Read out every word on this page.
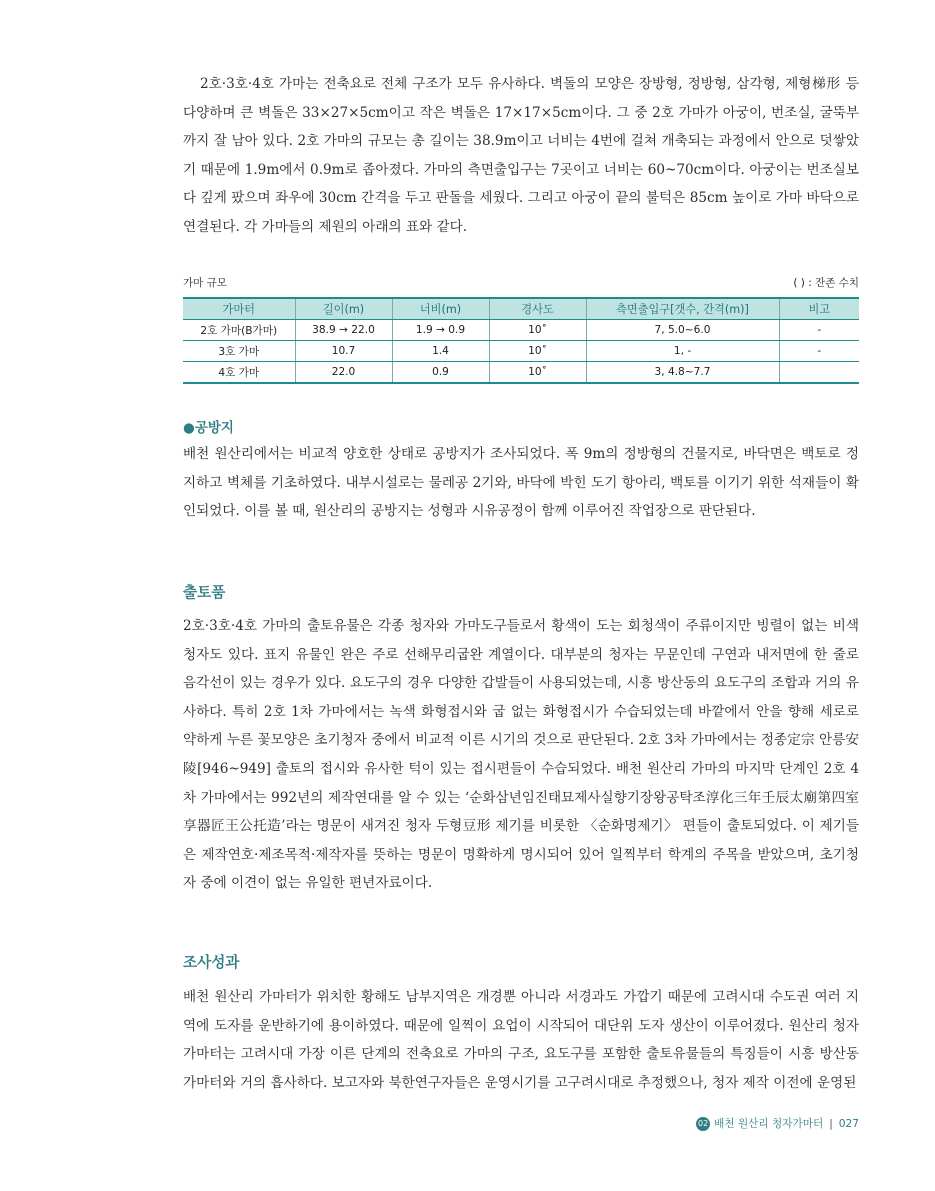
2호·3호·4호 가마는 전축요로 전체 구조가 모두 유사하다. 벽돌의 모양은 장방형, 정방형, 삼각형, 제형梯形 등 다양하며 큰 벽돌은 33×27×5cm이고 작은 벽돌은 17×17×5cm이다. 그 중 2호 가마가 아궁이, 번조실, 굴뚝부까지 잘 남아 있다. 2호 가마의 규모는 총 길이는 38.9m이고 너비는 4번에 걸쳐 개축되는 과정에서 안으로 덧쌓았기 때문에 1.9m에서 0.9m로 좁아졌다. 가마의 측면출입구는 7곳이고 너비는 60~70cm이다. 아궁이는 번조실보다 깊게 팠으며 좌우에 30cm 간격을 두고 판돌을 세웠다. 그리고 아궁이 끝의 불턱은 85cm 높이로 가마 바닥으로 연결된다. 각 가마들의 제원의 아래의 표와 같다.

가마 규모	( ) : 잔존 수치
가마터	길이(m)	너비(m)	경사도	측면출입구[갯수, 간격(m)]	비고
2호 가마(B가마)	38.9 → 22.0	1.9 → 0.9	10˚	7, 5.0~6.0	-
3호 가마	10.7	1.4	10˚	1, -	-
4호 가마	22.0	0.9	10˚	3, 4.8~7.7	
●공방지

배천 원산리에서는 비교적 양호한 상태로 공방지가 조사되었다. 폭 9m의 정방형의 건물지로, 바닥면은 백토로 정지하고 벽체를 기초하였다. 내부시설로는 물레공 2기와, 바닥에 박힌 도기 항아리, 백토를 이기기 위한 석재들이 확인되었다. 이를 볼 때, 원산리의 공방지는 성형과 시유공정이 함께 이루어진 작업장으로 판단된다.

출토품

2호·3호·4호 가마의 출토유물은 각종 청자와 가마도구들로서 황색이 도는 회청색이 주류이지만 빙렬이 없는 비색청자도 있다. 표지 유물인 완은 주로 선해무리굽완 계열이다. 대부분의 청자는 무문인데 구연과 내저면에 한 줄로 음각선이 있는 경우가 있다. 요도구의 경우 다양한 갑발들이 사용되었는데, 시흥 방산동의 요도구의 조합과 거의 유사하다. 특히 2호 1차 가마에서는 녹색 화형접시와 굽 없는 화형접시가 수습되었는데 바깥에서 안을 향해 세로로 약하게 누른 꽃모양은 초기청자 중에서 비교적 이른 시기의 것으로 판단된다. 2호 3차 가마에서는 정종定宗 안릉安陵[946~949] 출토의 접시와 유사한 턱이 있는 접시편들이 수습되었다. 배천 원산리 가마의 마지막 단계인 2호 4차 가마에서는 992년의 제작연대를 알 수 있는 ‘순화삼년임진태묘제사실향기장왕공탁조淳化三年壬辰太廟第四室享器匠王公托造’라는 명문이 새겨진 청자 두형豆形 제기를 비롯한 〈순화명제기〉 편들이 출토되었다. 이 제기들은 제작연호·제조목적·제작자를 뜻하는 명문이 명확하게 명시되어 있어 일찍부터 학계의 주목을 받았으며, 초기청자 중에 이견이 없는 유일한 편년자료이다.

조사성과

배천 원산리 가마터가 위치한 황해도 남부지역은 개경뿐 아니라 서경과도 가깝기 때문에 고려시대 수도권 여러 지역에 도자를 운반하기에 용이하였다. 때문에 일찍이 요업이 시작되어 대단위 도자 생산이 이루어졌다. 원산리 청자 가마터는 고려시대 가장 이른 단계의 전축요로 가마의 구조, 요도구를 포함한 출토유물들의 특징들이 시흥 방산동 가마터와 거의 흡사하다. 보고자와 북한연구자들은 운영시기를 고구려시대로 추정했으나, 청자 제작 이전에 운영된

02 배천 원산리 청자가마터 | 027
